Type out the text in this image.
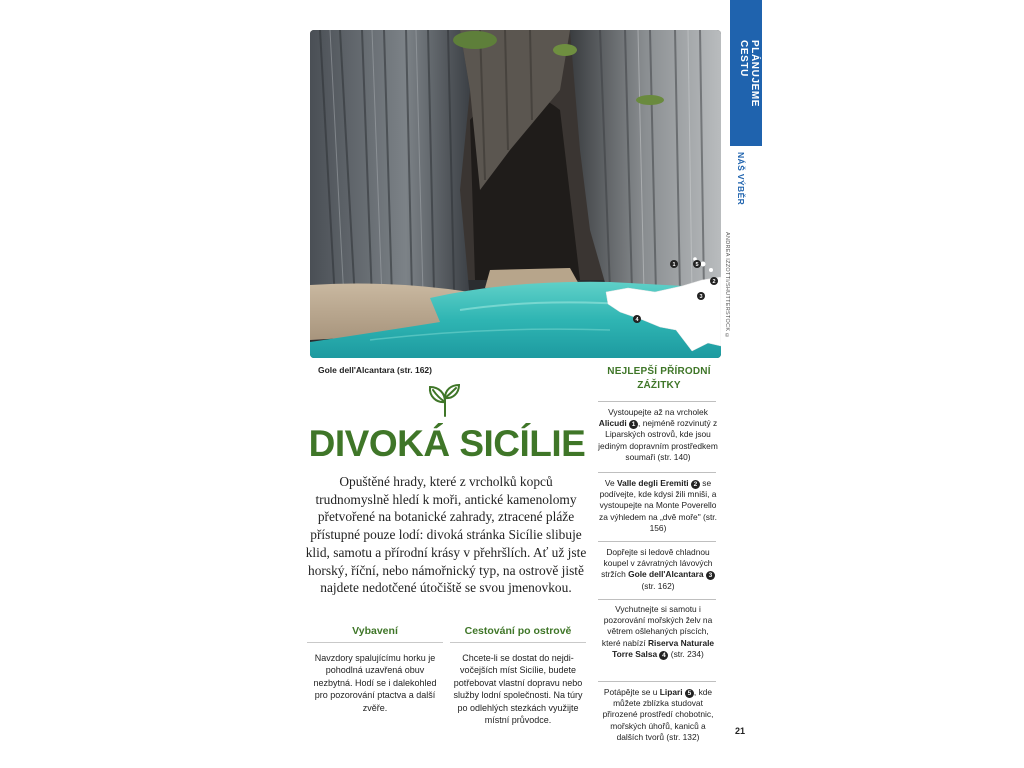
1	5
2
3
4	ANDREA IZZOTTI/SHUTTERSTOCK ©
PLÁNUJEME CESTU
NÁŠ VÝBĚR
Gole dell'Alcantara (str. 162)
DIVOKÁ SICÍLIE
Opuštěné hrady, které z vrcholků kopců trudnomyslně hledí k moři, antické kamenolomy přetvořené na botanické zahrady, ztracené pláže přístupné pouze lodí: divoká stránka Sicílie slibuje klid, samotu a přírodní krásy v přehršlích. Ať už jste horský, říční, nebo námořnický typ, na ostrově jistě najdete nedotčené útočiště se svou jmenovkou.
Vybavení

Navzdory spalujícímu horku je pohodlná uzavřená obuv nezbytná. Hodí se i dalekohled pro pozorování ptactva a další zvěře.

Cestování po ostrově

Chcete-li se dostat do nejdivočejších míst Sicílie, budete potřebovat vlastní dopravu nebo služby lodní společnosti. Na túry po odlehlých stezkách využijte místní průvodce.

NEJLEPŠÍ PŘÍRODNÍ ZÁŽITKY
Vystoupejte až na vrcholek Alicudi 1 , nejméně rozvinutý z Liparských ostrovů, kde jsou jediným dopravním prostředkem soumaři (str. 140)
Ve Valle degli Eremiti 2 se podívejte, kde kdysi žili mniši, a vystoupejte na Monte Poverello za výhledem na „dvě moře" (str. 156)
Dopřejte si ledově chladnou koupel v závratných lávových stržích Gole dell'Alcantara 3 (str. 162)
Vychutnejte si samotu i pozorování mořských želv na větrem ošlehaných píscích, které nabízí Riserva Naturale Torre Salsa 4 (str. 234)
Potápějte se u Lipari 5 , kde můžete zblízka studovat přirozené prostředí chobotnic, mořských úhořů, kaniců a dalších tvorů (str. 132)
21
